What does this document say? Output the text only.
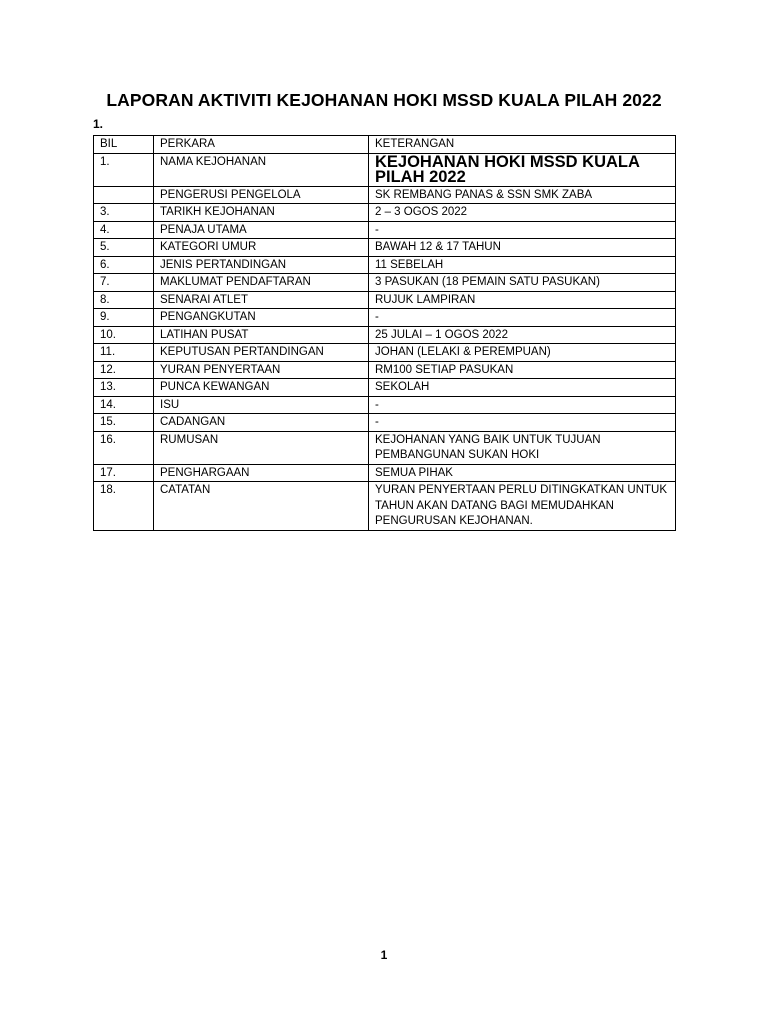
LAPORAN AKTIVITI KEJOHANAN HOKI MSSD KUALA PILAH 2022
1.
BIL	PERKARA	KETERANGAN
1.	NAMA KEJOHANAN	KEJOHANAN HOKI MSSD KUALA PILAH 2022
	PENGERUSI PENGELOLA	SK REMBANG PANAS & SSN SMK ZABA
3.	TARIKH KEJOHANAN	2 – 3 OGOS 2022
4.	PENAJA UTAMA	-
5.	KATEGORI UMUR	BAWAH 12 & 17 TAHUN
6.	JENIS PERTANDINGAN	11 SEBELAH
7.	MAKLUMAT PENDAFTARAN	3 PASUKAN (18 PEMAIN SATU PASUKAN)
8.	SENARAI ATLET	RUJUK LAMPIRAN
9.	PENGANGKUTAN	-
10.	LATIHAN PUSAT	25 JULAI – 1 OGOS 2022
11.	KEPUTUSAN PERTANDINGAN	JOHAN (LELAKI & PEREMPUAN)
12.	YURAN PENYERTAAN	RM100 SETIAP PASUKAN
13.	PUNCA KEWANGAN	SEKOLAH
14.	ISU	-
15.	CADANGAN	-
16.	RUMUSAN	KEJOHANAN YANG BAIK UNTUK TUJUAN PEMBANGUNAN SUKAN HOKI
17.	PENGHARGAAN	SEMUA PIHAK
18.	CATATAN	YURAN PENYERTAAN PERLU DITINGKATKAN UNTUK TAHUN AKAN DATANG BAGI MEMUDAHKAN PENGURUSAN KEJOHANAN.
1
